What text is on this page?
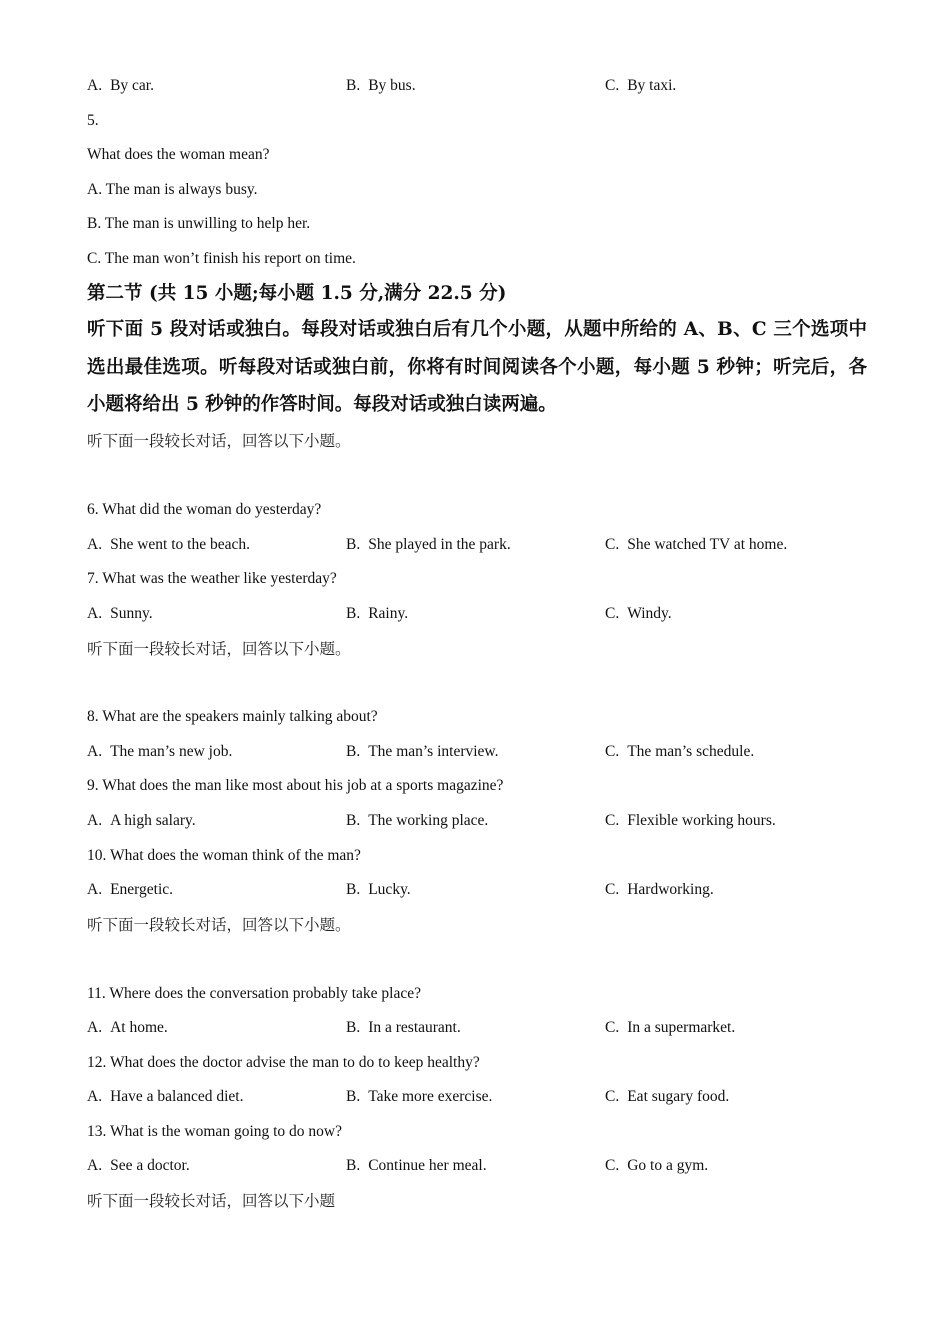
A. By car.	B. By bus.	C. By taxi.
5.
What does the woman mean?
A. The man is always busy.
B. The man is unwilling to help her.
C. The man won’t finish his report on time.
第二节 (共 15 小题;每小题 1.5 分,满分 22.5 分)
听下面 5 段对话或独白。每段对话或独白后有几个小题，从题中所给的 A、B、C 三个选项中选出最佳选项。听每段对话或独白前，你将有时间阅读各个小题，每小题 5 秒钟；听完后，各小题将给出 5 秒钟的作答时间。每段对话或独白读两遍。
听下面一段较长对话，回答以下小题。
6. What did the woman do yesterday?
A. She went to the beach.	B. She played in the park.	C. She watched TV at home.
7. What was the weather like yesterday?
A. Sunny.	B. Rainy.	C. Windy.
听下面一段较长对话，回答以下小题。
8. What are the speakers mainly talking about?
A. The man’s new job.	B. The man’s interview.	C. The man’s schedule.
9. What does the man like most about his job at a sports magazine?
A. A high salary.	B. The working place.	C. Flexible working hours.
10. What does the woman think of the man?
A. Energetic.	B. Lucky.	C. Hardworking.
听下面一段较长对话，回答以下小题。
11. Where does the conversation probably take place?
A. At home.	B. In a restaurant.	C. In a supermarket.
12. What does the doctor advise the man to do to keep healthy?
A. Have a balanced diet.	B. Take more exercise.	C. Eat sugary food.
13. What is the woman going to do now?
A. See a doctor.	B. Continue her meal.	C. Go to a gym.
听下面一段较长对话，回答以下小题
